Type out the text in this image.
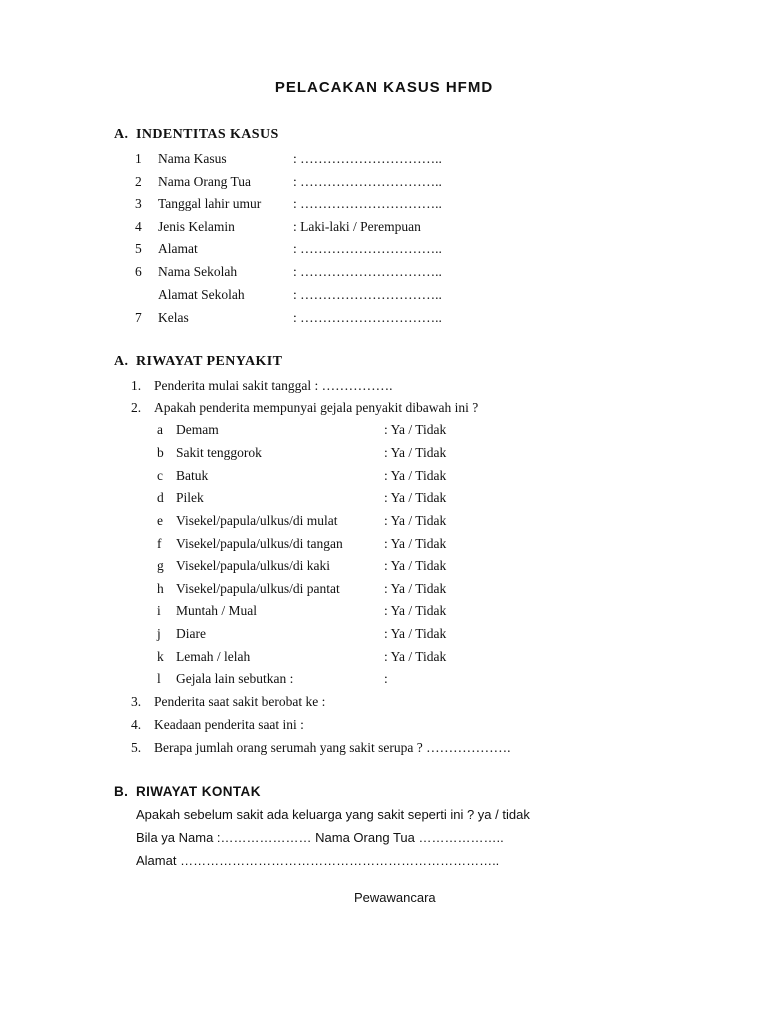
PELACAKAN KASUS HFMD
A. INDENTITAS KASUS
1 Nama Kasus	: …………………………..
2 Nama Orang Tua	: …………………………..
3 Tanggal lahir umur : …………………………..
4 Jenis Kelamin	: Laki-laki / Perempuan
5 Alamat	: …………………………..
6 Nama Sekolah	: …………………………..
Alamat Sekolah	: …………………………..
7 Kelas	: …………………………..
A. RIWAYAT PENYAKIT
1. Penderita mulai sakit tanggal : …………….
2. Apakah penderita mempunyai gejala penyakit dibawah ini ?
a Demam	: Ya / Tidak
b Sakit tenggorok	: Ya / Tidak
c Batuk	: Ya / Tidak
d Pilek	: Ya / Tidak
e Visekel/papula/ulkus/di mulat	: Ya / Tidak
f Visekel/papula/ulkus/di tangan	: Ya / Tidak
g Visekel/papula/ulkus/di kaki	: Ya / Tidak
h Visekel/papula/ulkus/di pantat	: Ya / Tidak
i Muntah / Mual	: Ya / Tidak
j Diare	: Ya / Tidak
k Lemah / lelah	: Ya / Tidak
l Gejala lain sebutkan :	:
3. Penderita saat sakit berobat ke :
4. Keadaan penderita saat ini :
5. Berapa jumlah orang serumah yang sakit serupa ? ……………….
B. RIWAYAT KONTAK
Apakah sebelum sakit ada keluarga yang sakit seperti ini ? ya / tidak
Bila ya Nama :………………… Nama Orang Tua ………………..
Alamat ………………………………………………………………..
Pewawancara
